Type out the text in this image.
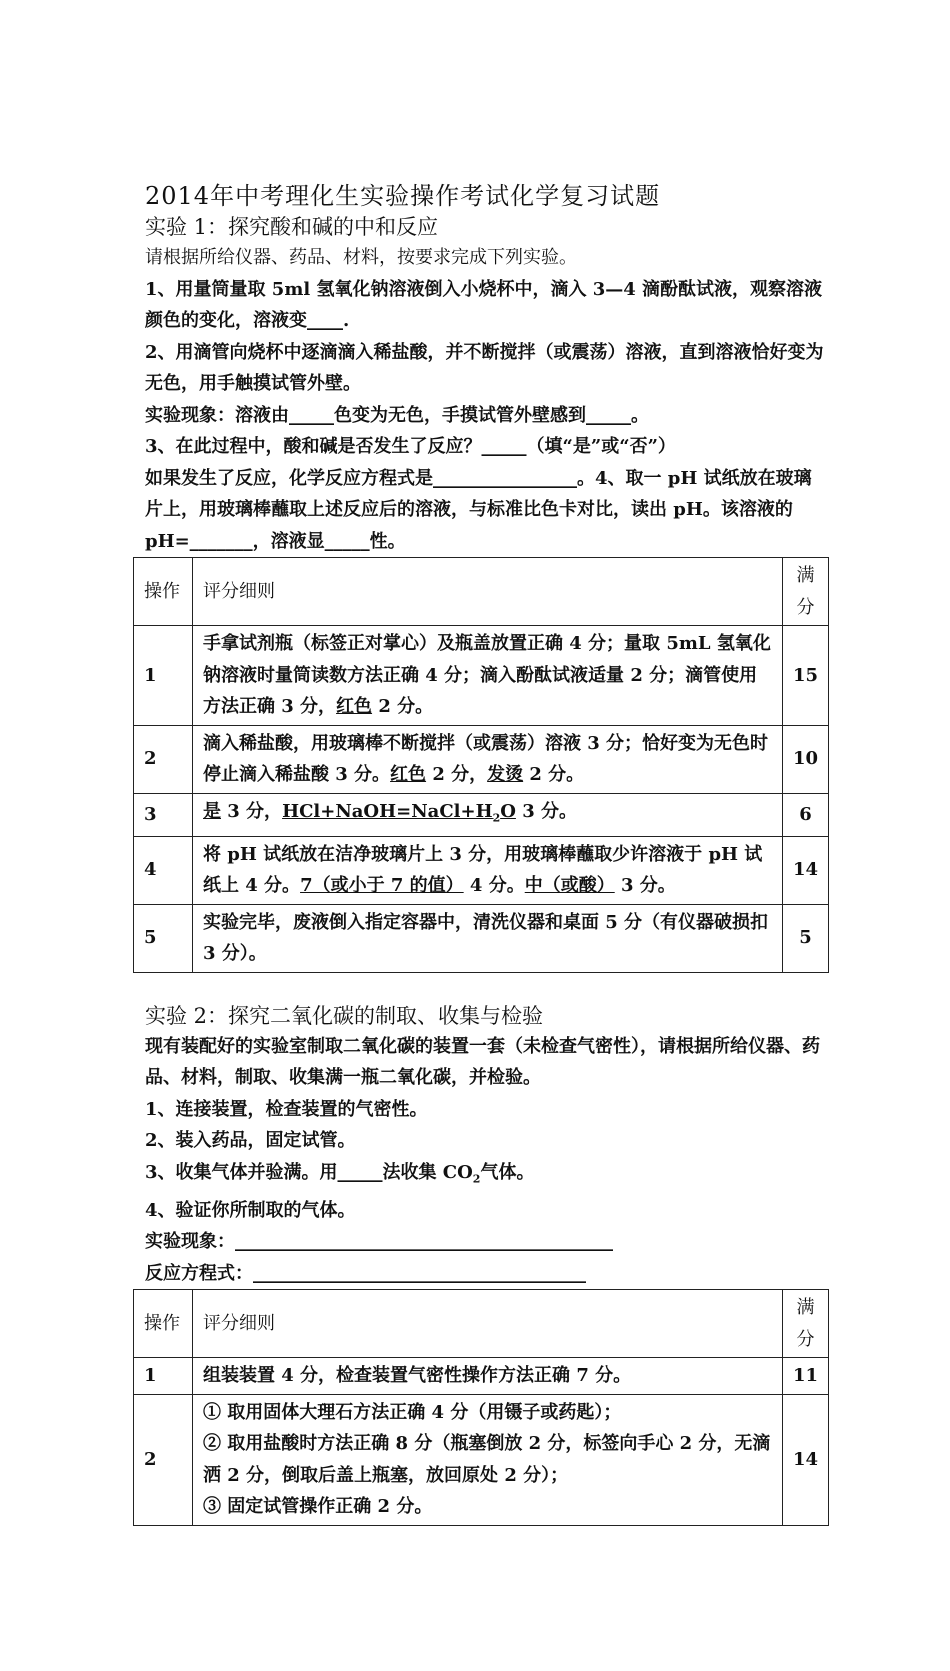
2014年中考理化生实验操作考试化学复习试题
实验 1：探究酸和碱的中和反应

请根据所给仪器、药品、材料，按要求完成下列实验。

1、用量筒量取 5ml 氢氧化钠溶液倒入小烧杯中，滴入 3—4 滴酚酞试液，观察溶液颜色的变化，溶液变____.

2、用滴管向烧杯中逐滴滴入稀盐酸，并不断搅拌（或震荡）溶液，直到溶液恰好变为无色，用手触摸试管外壁。

实验现象：溶液由_____色变为无色，手摸试管外壁感到_____。

3、在此过程中，酸和碱是否发生了反应？_____（填“是”或“否”）

如果发生了反应，化学反应方程式是________________。4、取一 pH 试纸放在玻璃片上，用玻璃棒蘸取上述反应后的溶液，与标准比色卡对比，读出 pH。该溶液的 pH=_______，溶液显_____性。

操作	评分细则	满分
1	手拿试剂瓶（标签正对掌心）及瓶盖放置正确 4 分；量取 5mL 氢氧化钠溶液时量筒读数方法正确 4 分；滴入酚酞试液适量 2 分；滴管使用方法正确 3 分，红色 2 分。	15
2	滴入稀盐酸，用玻璃棒不断搅拌（或震荡）溶液 3 分；恰好变为无色时停止滴入稀盐酸 3 分。红色 2 分，发烫 2 分。	10
3	是 3 分，$HCl+NaOH=NaCl+H_2O$ 3 分。	6
4	将 pH 试纸放在洁净玻璃片上 3 分，用玻璃棒蘸取少许溶液于 pH 试纸上 4 分。7（或小于 7 的值） 4 分。中（或酸） 3 分。	14
5	实验完毕，废液倒入指定容器中，清洗仪器和桌面 5 分（有仪器破损扣 3 分）。	5
实验 2：探究二氧化碳的制取、收集与检验

现有装配好的实验室制取二氧化碳的装置一套（未检查气密性），请根据所给仪器、药品、材料，制取、收集满一瓶二氧化碳，并检验。

1、连接装置，检查装置的气密性。

2、装入药品，固定试管。

3、收集气体并验满。用_____法收集 $CO_2$气体。

4、验证你所制取的气体。

实验现象：__________________________________________

反应方程式：_____________________________________

操作	评分细则	满分
1	组装装置 4 分，检查装置气密性操作方法正确 7 分。	11
2	① 取用固体大理石方法正确 4 分（用镊子或药匙）；
② 取用盐酸时方法正确 8 分（瓶塞倒放 2 分，标签向手心 2 分，无滴洒 2 分，倒取后盖上瓶塞，放回原处 2 分）；
③ 固定试管操作正确 2 分。	14
